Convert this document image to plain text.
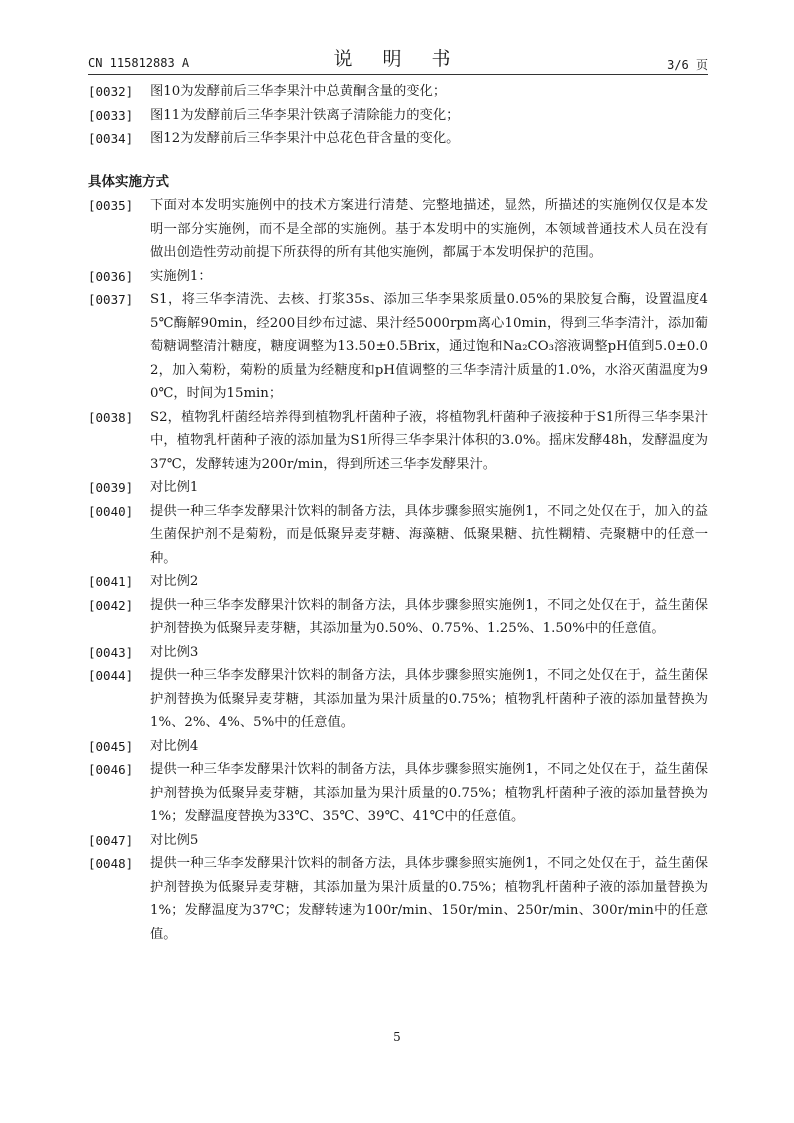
CN 115812883 A	说 明 书	3/6 页
[0032] 图10为发酵前后三华李果汁中总黄酮含量的变化；
[0033] 图11为发酵前后三华李果汁铁离子清除能力的变化；
[0034] 图12为发酵前后三华李果汁中总花色苷含量的变化。
具体实施方式
[0035] 下面对本发明实施例中的技术方案进行清楚、完整地描述，显然，所描述的实施例仅仅是本发明一部分实施例，而不是全部的实施例。基于本发明中的实施例，本领域普通技术人员在没有做出创造性劳动前提下所获得的所有其他实施例，都属于本发明保护的范围。
[0036] 实施例1：
[0037] S1，将三华李清洗、去核、打浆35s、添加三华李果浆质量0.05%的果胶复合酶，设置温度45℃酶解90min，经200目纱布过滤、果汁经5000rpm离心10min，得到三华李清汁，添加葡萄糖调整清汁糖度，糖度调整为13.50±0.5Brix，通过饱和Na₂CO₃溶液调整pH值到5.0±0.02，加入菊粉，菊粉的质量为经糖度和pH值调整的三华李清汁质量的1.0%，水浴灭菌温度为90℃，时间为15min；
[0038] S2，植物乳杆菌经培养得到植物乳杆菌种子液，将植物乳杆菌种子液接种于S1所得三华李果汁中，植物乳杆菌种子液的添加量为S1所得三华李果汁体积的3.0%。摇床发酵48h，发酵温度为37℃，发酵转速为200r/min，得到所述三华李发酵果汁。
[0039] 对比例1
[0040] 提供一种三华李发酵果汁饮料的制备方法，具体步骤参照实施例1，不同之处仅在于，加入的益生菌保护剂不是菊粉，而是低聚异麦芽糖、海藻糖、低聚果糖、抗性糊精、壳聚糖中的任意一种。
[0041] 对比例2
[0042] 提供一种三华李发酵果汁饮料的制备方法，具体步骤参照实施例1，不同之处仅在于，益生菌保护剂替换为低聚异麦芽糖，其添加量为0.50%、0.75%、1.25%、1.50%中的任意值。
[0043] 对比例3
[0044] 提供一种三华李发酵果汁饮料的制备方法，具体步骤参照实施例1，不同之处仅在于，益生菌保护剂替换为低聚异麦芽糖，其添加量为果汁质量的0.75%；植物乳杆菌种子液的添加量替换为1%、2%、4%、5%中的任意值。
[0045] 对比例4
[0046] 提供一种三华李发酵果汁饮料的制备方法，具体步骤参照实施例1，不同之处仅在于，益生菌保护剂替换为低聚异麦芽糖，其添加量为果汁质量的0.75%；植物乳杆菌种子液的添加量替换为1%；发酵温度替换为33℃、35℃、39℃、41℃中的任意值。
[0047] 对比例5
[0048] 提供一种三华李发酵果汁饮料的制备方法，具体步骤参照实施例1，不同之处仅在于，益生菌保护剂替换为低聚异麦芽糖，其添加量为果汁质量的0.75%；植物乳杆菌种子液的添加量替换为1%；发酵温度为37℃；发酵转速为100r/min、150r/min、250r/min、300r/min中的任意值。
5
